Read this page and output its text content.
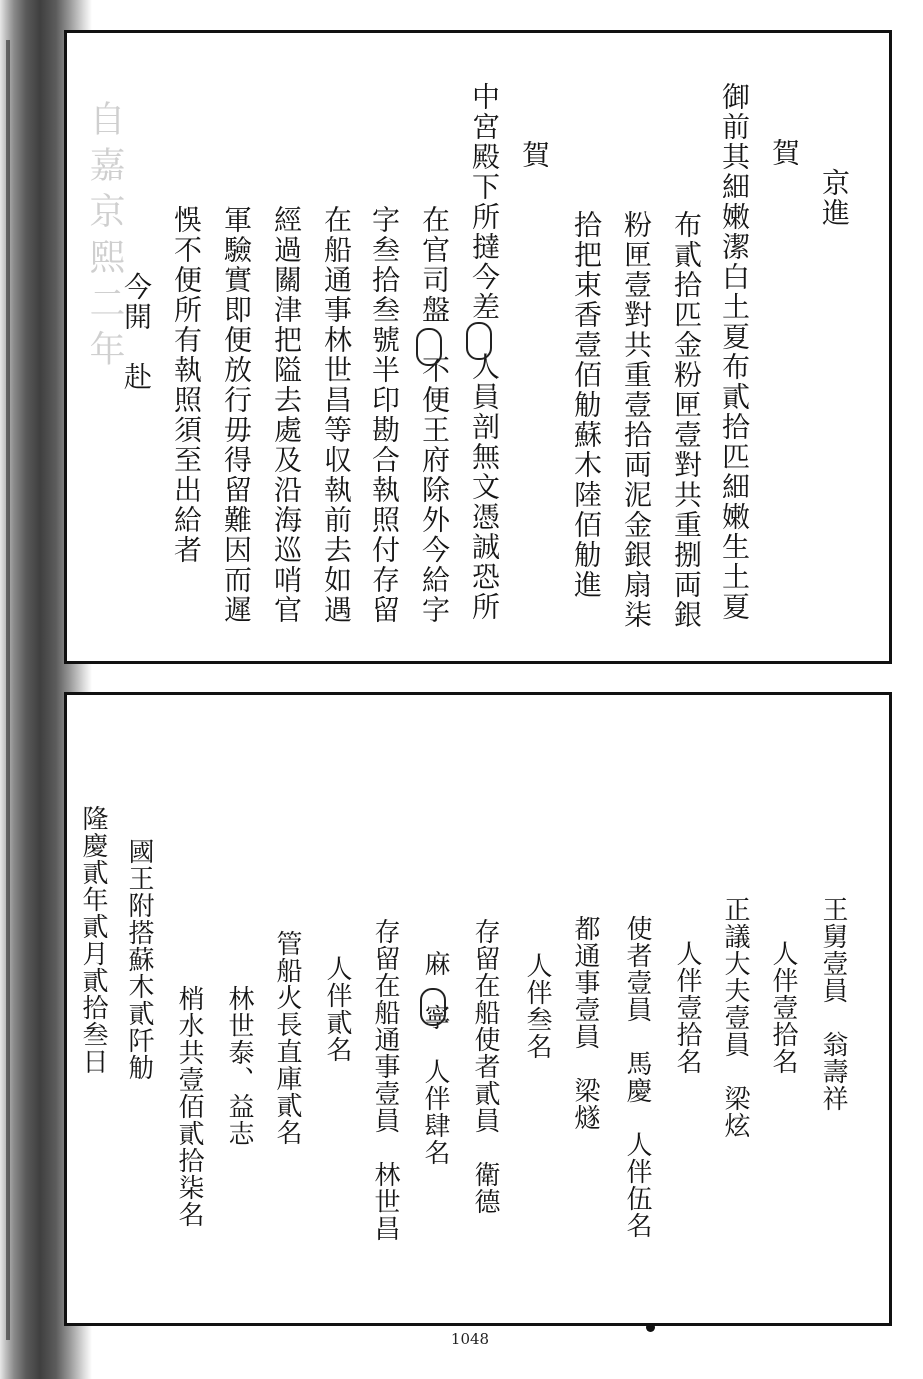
自嘉京熙二年	京進
賀
御前其細嫩潔白土夏布貳拾匹細嫩生土夏
布貳拾匹金粉匣壹對共重捌両銀
粉匣壹對共重壹拾両泥金銀扇柒
拾把束香壹佰觔蘇木陸佰觔進
賀
中宮殿下所撻今差　人員剖無文憑誠恐所
在官司盤　不便王府除外今給字
字叁拾叁號半印勘合執照付存留
在船通事林世昌等収執前去如遇
經過關津把隘去處及沿海巡哨官
軍驗實即便放行毋得留難因而遲
悞不便所有執照須至出給者
今開　赴
王舅壹員　翁壽祥
人伴壹拾名
正議大夫壹員　梁炫
人伴壹拾名
使者壹員　馬慶　人伴伍名
都通事壹員　梁燧
人伴叁名
存留在船使者貳員　衛德
麻　寧　人伴肆名
存留在船通事壹員　林世昌
人伴貳名
管船火長直庫貳名
林世泰、益志
梢水共壹佰貳拾柒名
國王附搭蘇木貳阡觔
隆慶貳年貳月貳拾叁日
1048
